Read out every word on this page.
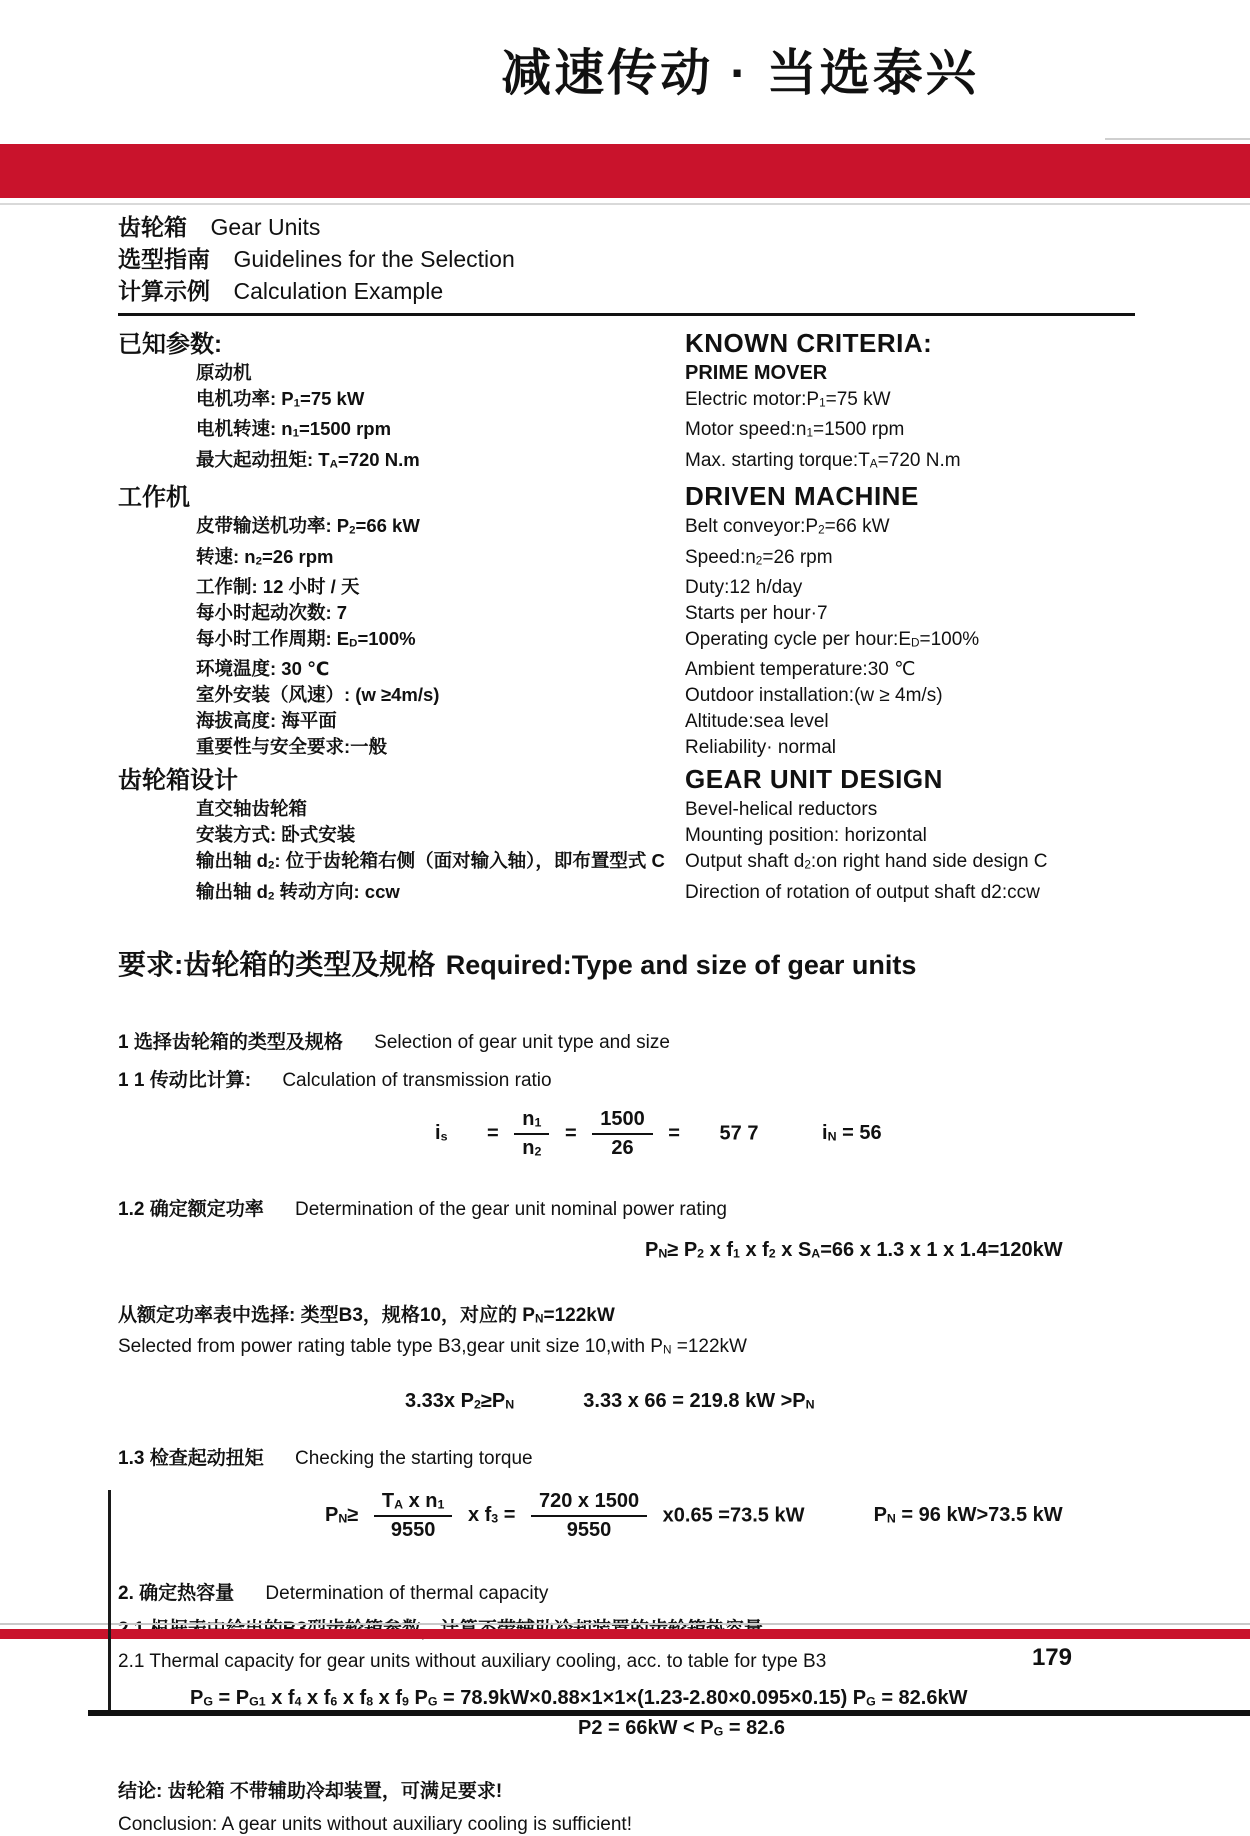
减速传动 · 当选泰兴
齿轮箱 Gear Units
选型指南 Guidelines for the Selection
计算示例 Calculation Example
已知参数:	KNOWN CRITERIA:
原动机	PRIME MOVER
电机功率: $P_1=75$ kW	Electric $motor:P_1=75$ kW
电机转速: $n_1=1500$ rpm	Motor $speed:n_1=1500$ rpm
最大起动扭矩: $T_A=720$ N.m	Max. starting $torque:T_A=720$ N.m
工作机	DRIVEN MACHINE
皮带输送机功率: $P_2=66$ kW	Belt $conveyor:P_2=66$ kW
转速: $n_2=26$ rpm	$Speed:n_2=26$ rpm
工作制: 12 小时 / 天	Duty:12 h/day
每小时起动次数: 7	Starts per hour·7
每小时工作周期: $E_D=100\%$	Operating cycle per $hour:E_D=100\%$
环境温度: 30 ℃	Ambient temperature:30 ℃
室外安装（风速）: (w ≥4m/s)	Outdoor installation:(w ≥ 4m/s)
海拔高度: 海平面	Altitude:sea level
重要性与安全要求:一般	Reliability· normal
齿轮箱设计	GEAR UNIT DESIGN
直交轴齿轮箱	Bevel-helical reductors
安装方式: 卧式安装	Mounting position: horizontal
输出轴 $d_2$: 位于齿轮箱右侧（面对输入轴），即布置型式 C	Output shaft $d_2:on$ right hand side design C
输出轴 $d_2$ 转动方向: ccw	Direction of rotation of output shaft d2:ccw
要求:齿轮箱的类型及规格 Required:Type and size of gear units
1 选择齿轮箱的类型及规格 Selection of gear unit type and size
1 1 传动比计算: Calculation of transmission ratio
$i_s = \frac{n_1}{n_2} = \frac{1500}{26} = 57$ 7	$i_N = 56$
1.2 确定额定功率 Determination of the gear unit nominal power rating
$P_N\ge P_2$ x $f_1$ x $f_2$ x $S_A=66$ x 1.3 x 1 x 1.4=120kW
从额定功率表中选择: 类型B3，规格10，对应的 $P_N=122kW$
Selected from power rating table type B3,gear unit size 10,with $P_N =122kW$
3.33x $P_2\ge P_N$	3.33 x 66 = 219.8 kW $>P_N$
1.3 检查起动扭矩 Checking the starting torque
$P_N\ge \frac{T_A x n_1}{9550}$ x $f_3 = \frac{720 x 1500}{9550} x0.65 =73.5$ kW	$P_N = 96$ kW>73.5 kW
2. 确定热容量 Determination of thermal capacity
2.1 Thermal capacity for gear units without auxiliary cooling, acc. to table for type B3
$P_G = P_{G1}$ x $f_4$ x $f_6$ x $f_8$ x $f_9$ $P_G = 78.9kW\times 0.88\times 1\times 1\times(1.23-2.80\times 0.095\times 0.15) P_G = 82.6kW$
$P2 = 66kW < P_G = 82.6$
结论: 齿轮箱 不带辅助冷却装置，可满足要求!
Conclusion: A gear units without auxiliary cooling is sufficient!
179
